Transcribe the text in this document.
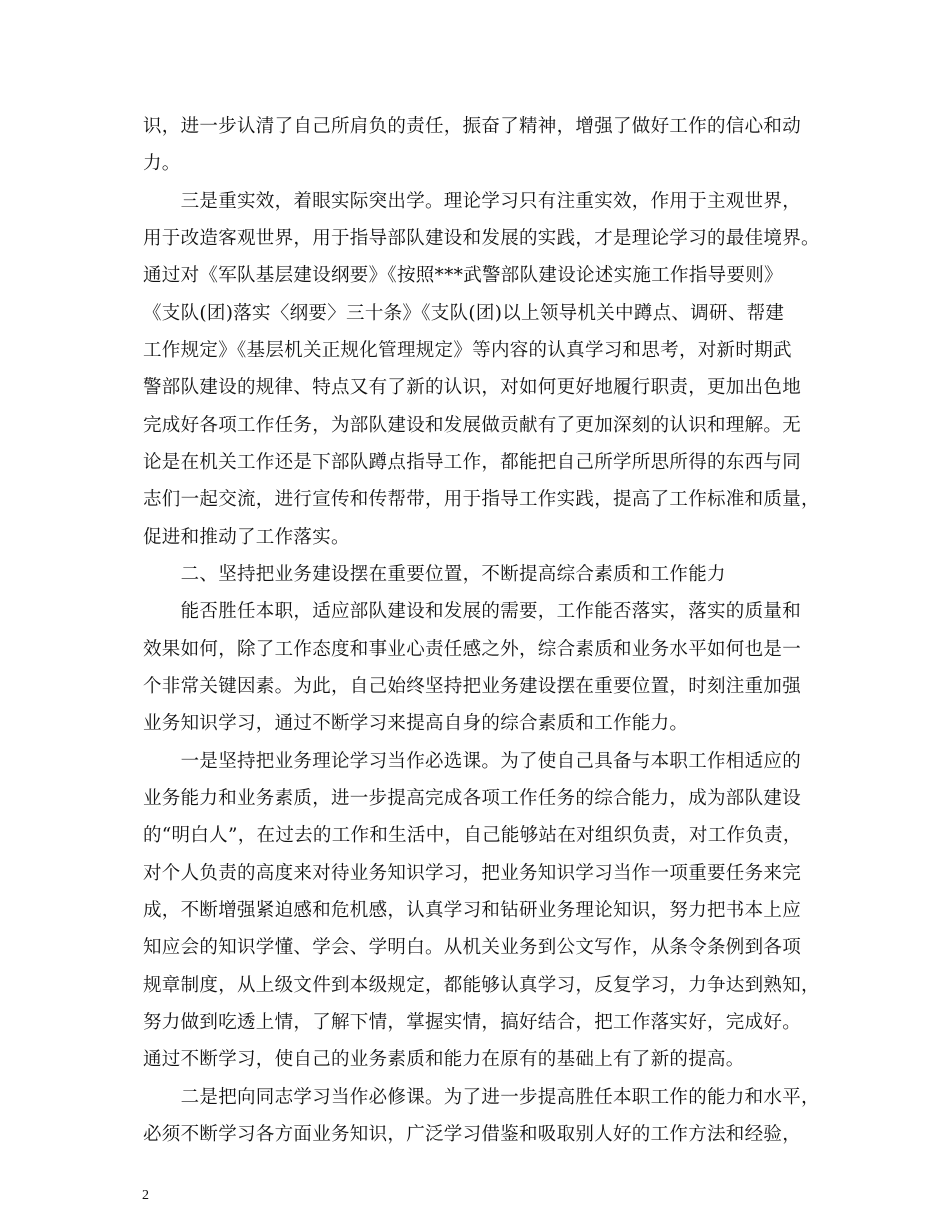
识，进一步认清了自己所肩负的责任，振奋了精神，增强了做好工作的信心和动
力。
　　三是重实效，着眼实际突出学。理论学习只有注重实效，作用于主观世界，
用于改造客观世界，用于指导部队建设和发展的实践，才是理论学习的最佳境界。
通过对《军队基层建设纲要》《按照***武警部队建设论述实施工作指导要则》
《支队(团)落实〈纲要〉三十条》《支队(团)以上领导机关中蹲点、调研、帮建
工作规定》《基层机关正规化管理规定》等内容的认真学习和思考，对新时期武
警部队建设的规律、特点又有了新的认识，对如何更好地履行职责，更加出色地
完成好各项工作任务，为部队建设和发展做贡献有了更加深刻的认识和理解。无
论是在机关工作还是下部队蹲点指导工作，都能把自己所学所思所得的东西与同
志们一起交流，进行宣传和传帮带，用于指导工作实践，提高了工作标准和质量，
促进和推动了工作落实。
　　二、坚持把业务建设摆在重要位置，不断提高综合素质和工作能力
　　能否胜任本职，适应部队建设和发展的需要，工作能否落实，落实的质量和
效果如何，除了工作态度和事业心责任感之外，综合素质和业务水平如何也是一
个非常关键因素。为此，自己始终坚持把业务建设摆在重要位置，时刻注重加强
业务知识学习，通过不断学习来提高自身的综合素质和工作能力。
　　一是坚持把业务理论学习当作必选课。为了使自己具备与本职工作相适应的
业务能力和业务素质，进一步提高完成各项工作任务的综合能力，成为部队建设
的“明白人”，在过去的工作和生活中，自己能够站在对组织负责，对工作负责，
对个人负责的高度来对待业务知识学习，把业务知识学习当作一项重要任务来完
成，不断增强紧迫感和危机感，认真学习和钻研业务理论知识，努力把书本上应
知应会的知识学懂、学会、学明白。从机关业务到公文写作，从条令条例到各项
规章制度，从上级文件到本级规定，都能够认真学习，反复学习，力争达到熟知，
努力做到吃透上情，了解下情，掌握实情，搞好结合，把工作落实好，完成好。
通过不断学习，使自己的业务素质和能力在原有的基础上有了新的提高。
　　二是把向同志学习当作必修课。为了进一步提高胜任本职工作的能力和水平，
必须不断学习各方面业务知识，广泛学习借鉴和吸取别人好的工作方法和经验，
2
